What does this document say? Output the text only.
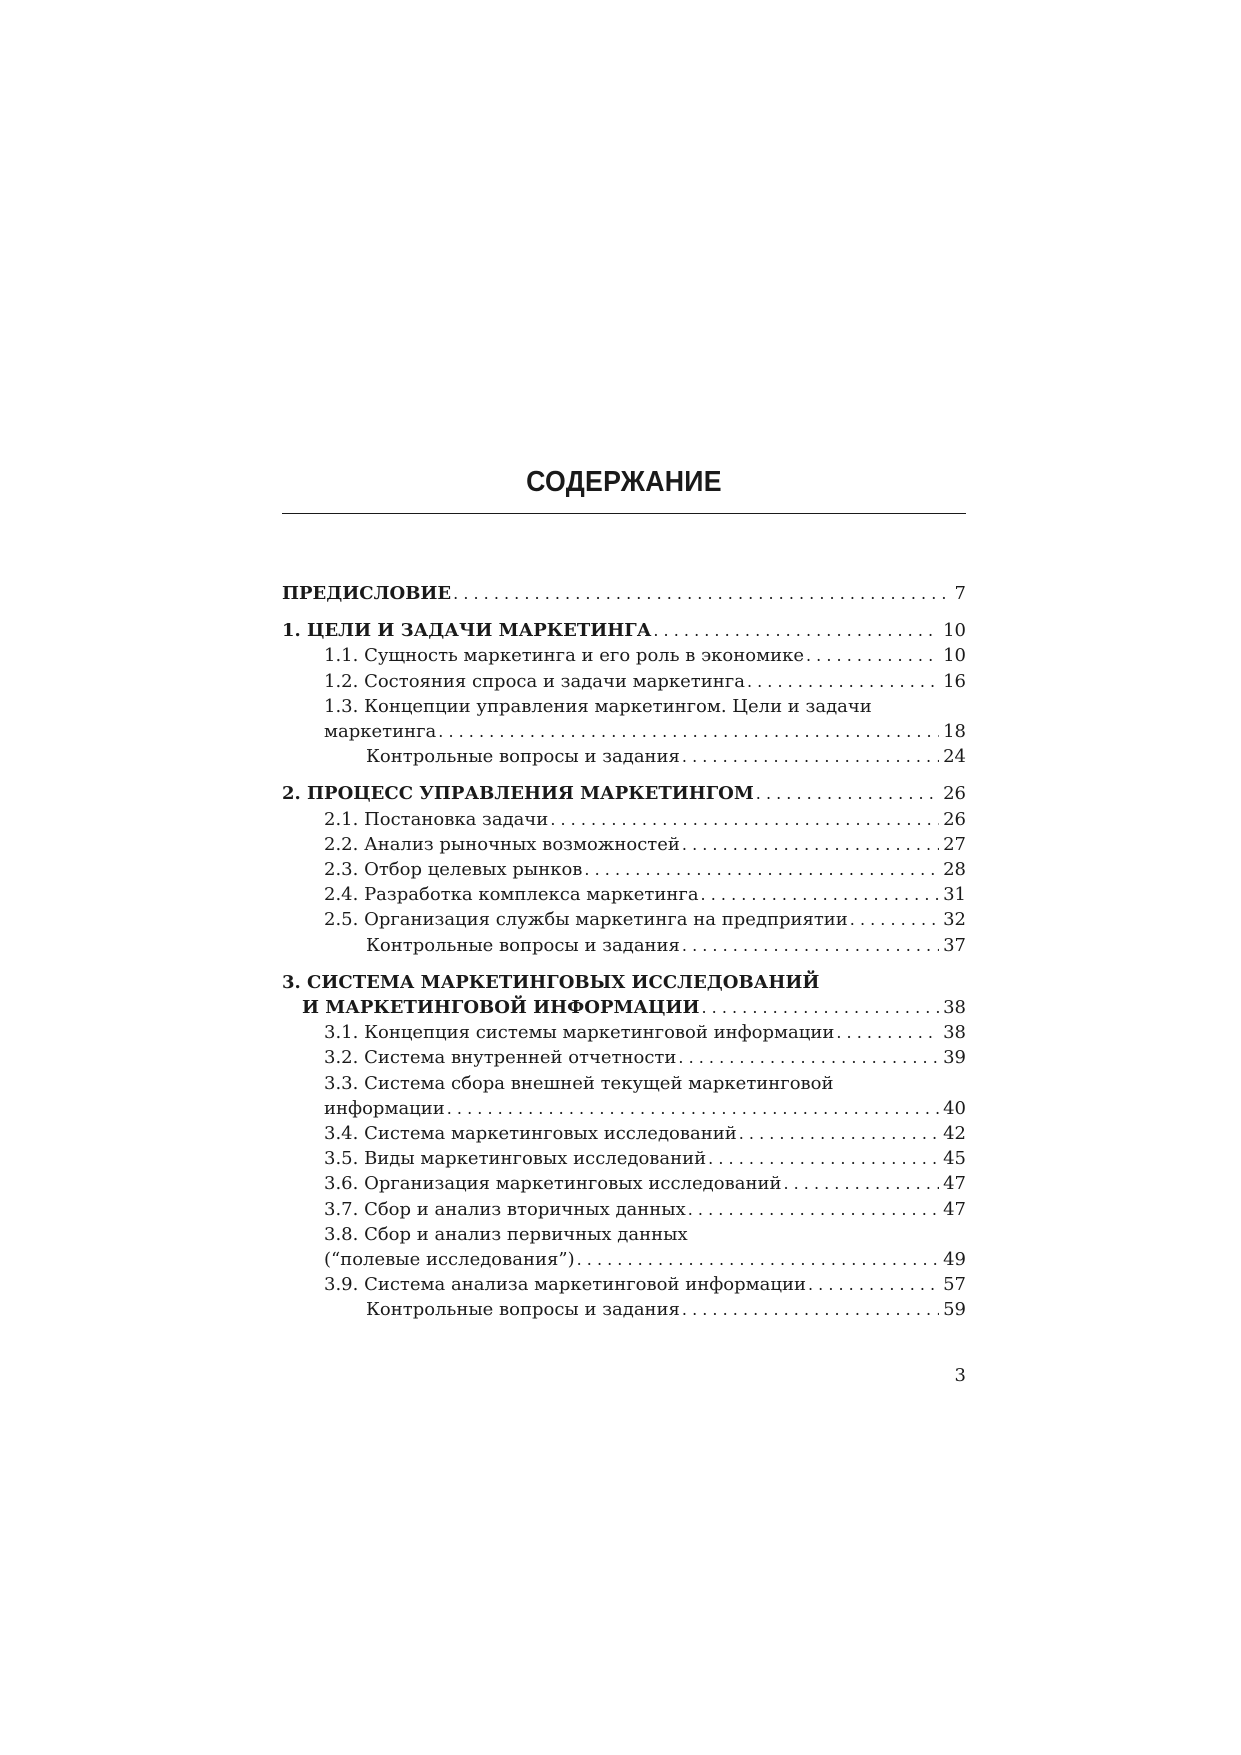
СОДЕРЖАНИЕ
ПРЕДИСЛОВИЕ . . .	7
1. ЦЕЛИ И ЗАДАЧИ МАРКЕТИНГА . . .	10
1.1. Сущность маркетинга и его роль в экономике . . .	10
1.2. Состояния спроса и задачи маркетинга . . .	16
1.3. Концепции управления маркетингом. Цели и задачи
маркетинга . . .	18
Контрольные вопросы и задания . . .	24
2. ПРОЦЕСС УПРАВЛЕНИЯ МАРКЕТИНГОМ . . .	26
2.1. Постановка задачи . . .	26
2.2. Анализ рыночных возможностей . . .	27
2.3. Отбор целевых рынков . . .	28
2.4. Разработка комплекса маркетинга . . .	31
2.5. Организация службы маркетинга на предприятии . . .	32
Контрольные вопросы и задания . . .	37
3. СИСТЕМА МАРКЕТИНГОВЫХ ИССЛЕДОВАНИЙ
И МАРКЕТИНГОВОЙ ИНФОРМАЦИИ . . .	38
3.1. Концепция системы маркетинговой информации . . .	38
3.2. Система внутренней отчетности . . .	39
3.3. Система сбора внешней текущей маркетинговой
информации . . .	40
3.4. Система маркетинговых исследований . . .	42
3.5. Виды маркетинговых исследований . . .	45
3.6. Организация маркетинговых исследований . . .	47
3.7. Сбор и анализ вторичных данных . . .	47
3.8. Сбор и анализ первичных данных
(“полевые исследования”) . . .	49
3.9. Система анализа маркетинговой информации . . .	57
Контрольные вопросы и задания . . .	59
3
